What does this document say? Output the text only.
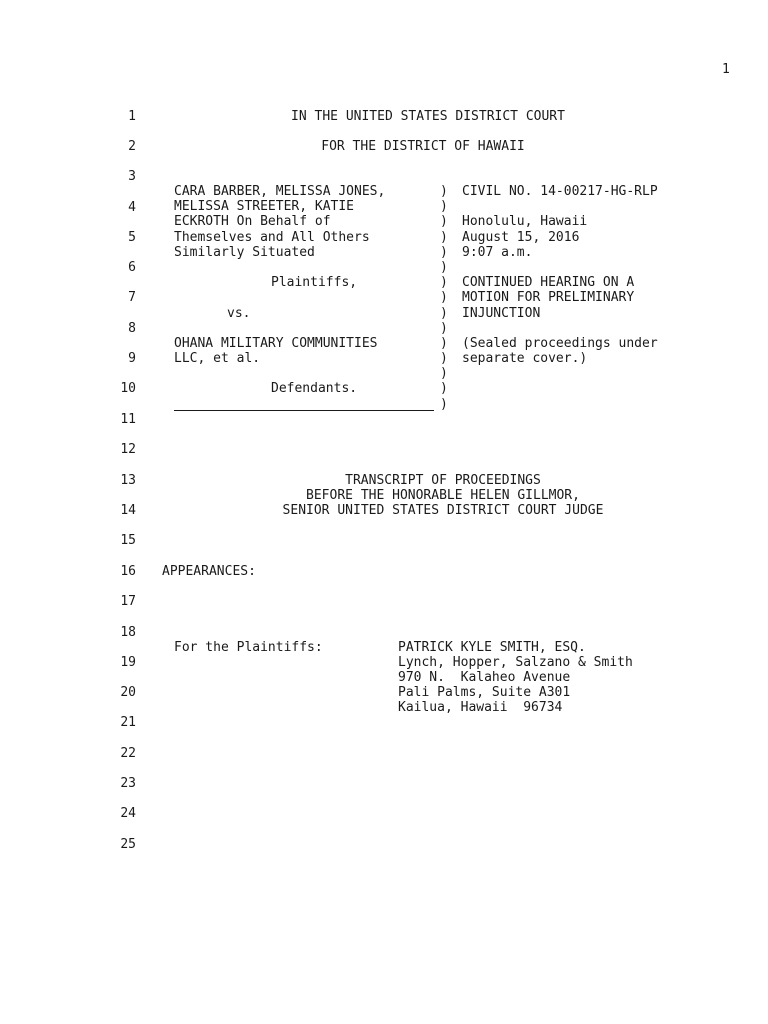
1
1
2
3
4
5
6
7
8
9
10
11
12
13
14
15
16
17
18
19
20
21
22
23
24
25
IN THE UNITED STATES DISTRICT COURT
FOR THE DISTRICT OF HAWAII
CARA BARBER, MELISSA JONES,
MELISSA STREETER, KATIE
ECKROTH On Behalf of
Themselves and All Others
Similarly Situated
Plaintiffs,
vs.
OHANA MILITARY COMMUNITIES
LLC, et al.
Defendants.
)
)
)
)
)
)
)
)
)
)
)
)
)
)
)
CIVIL NO. 14-00217-HG-RLP
Honolulu, Hawaii
August 15, 2016
9:07 a.m.
CONTINUED HEARING ON A
MOTION FOR PRELIMINARY
INJUNCTION
(Sealed proceedings under
separate cover.)
TRANSCRIPT OF PROCEEDINGS
BEFORE THE HONORABLE HELEN GILLMOR,
SENIOR UNITED STATES DISTRICT COURT JUDGE
APPEARANCES:
For the Plaintiffs:	PATRICK KYLE SMITH, ESQ.
Lynch, Hopper, Salzano & Smith
970 N.  Kalaheo Avenue
Pali Palms, Suite A301
Kailua, Hawaii  96734
